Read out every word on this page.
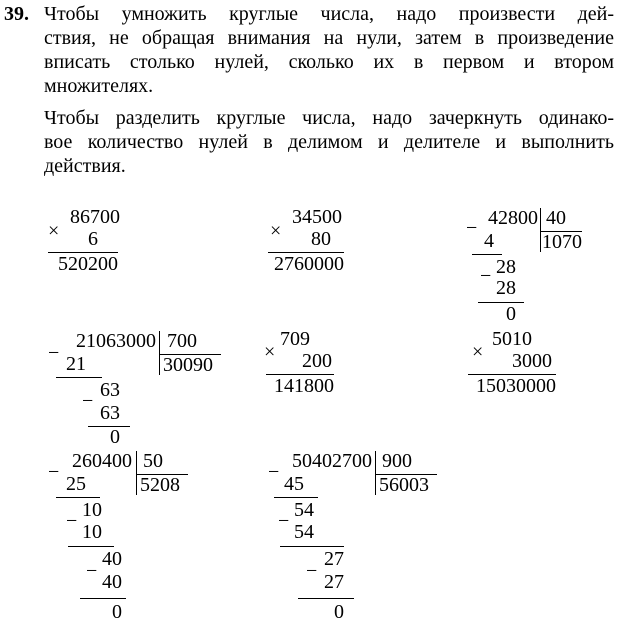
39. Чтобы умножить круглые числа, надо произвести дей-
ствия, не обращая внимания на нули, затем в произведение
вписать столько нулей, сколько их в первом и втором
множителях.
Чтобы разделить круглые числа, надо зачеркнуть одинако-
вое количество нулей в делимом и делителе и выполнить
действия.
×
86700
6
520200
×
34500
80
2760000
− 42800 40
1070
4
− 28
28
0
−
21063000 700
30090
21
− 63
63
0
×
709
200
141800
×
5010
3000
15030000
− 260400 50
5208
25
− 10
10
−
40
40
0
− 50402700 900
56003
45
− 54
54
−
27
27
0
